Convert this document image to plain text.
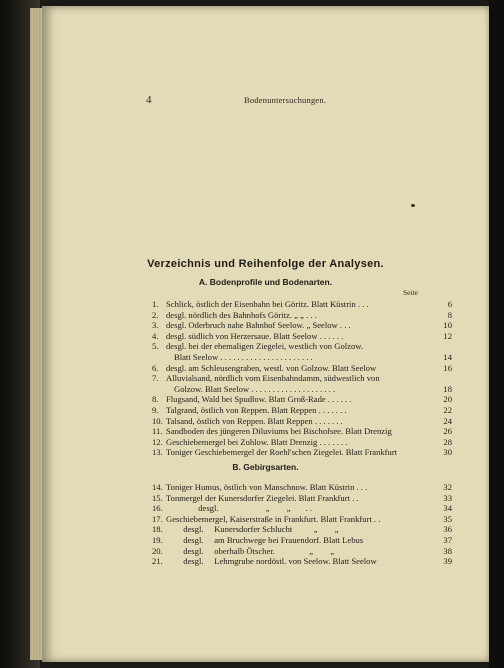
4	Bodenuntersuchungen.
Verzeichnis und Reihenfolge der Analysen.
A. Bodenprofile und Bodenarten.
Seite
1. Schlick, östlich der Eisenbahn bei Göritz. Blatt Küstrin . . .	6
2. desgl. nördlich des Bahnhofs Göritz. „ „ . . .	8
3. desgl. Oderbruch nahe Bahnhof Seelow. „ Seelow . . .	10
4. desgl. südlich von Herzersaue. Blatt Seelow . . . . . .	12
5. desgl. bei der ehemaligen Ziegelei, westlich von Golzow.
Blatt Seelow . . . . . . . . . . . . . . . . . . . . . .	14
6. desgl. am Schleusengraben, westl. von Golzow. Blatt Seelow	16
7. Alluvialsand, nördlich vom Eisenbahndamm, südwestlich von
Golzow. Blatt Seelow . . . . . . . . . . . . . . . . . . . .	18
8. Flugsand, Wald bei Spudlow. Blatt Groß-Rade . . . . . .	20
9. Talgrand, östlich von Reppen. Blatt Reppen . . . . . . .	22
10. Talsand, östlich von Reppen. Blatt Reppen . . . . . . .	24
11. Sandboden des jüngeren Diluviums bei Bischofsee. Blatt Drenzig	26
12. Geschiebemergel bei Zohlow. Blatt Drenzig . . . . . . .	28
13. Toniger Geschiebemergel der Roehl'schen Ziegelei. Blatt Frankfurt	30
B. Gebirgsarten.
14. Toniger Humus, östlich von Manschnow. Blatt Küstrin . . .	32
15. Tonmergel der Kunersdorfer Ziegelei. Blatt Frankfurt . .	33
16. desgl.                      „        „       . .	34
17. Geschiebemergel, Kaiserstraße in Frankfurt. Blatt Frankfurt . .	35
18. desgl.     Kunersdorfer Schlucht          „        „	36
19. desgl.     am Bruchwege bei Frauendorf. Blatt Lebus	37
20. desgl.     oberhalb Ötscher.                „        „	38
21. desgl.     Lehmgrube nordöstl. von Seelow. Blatt Seelow	39
